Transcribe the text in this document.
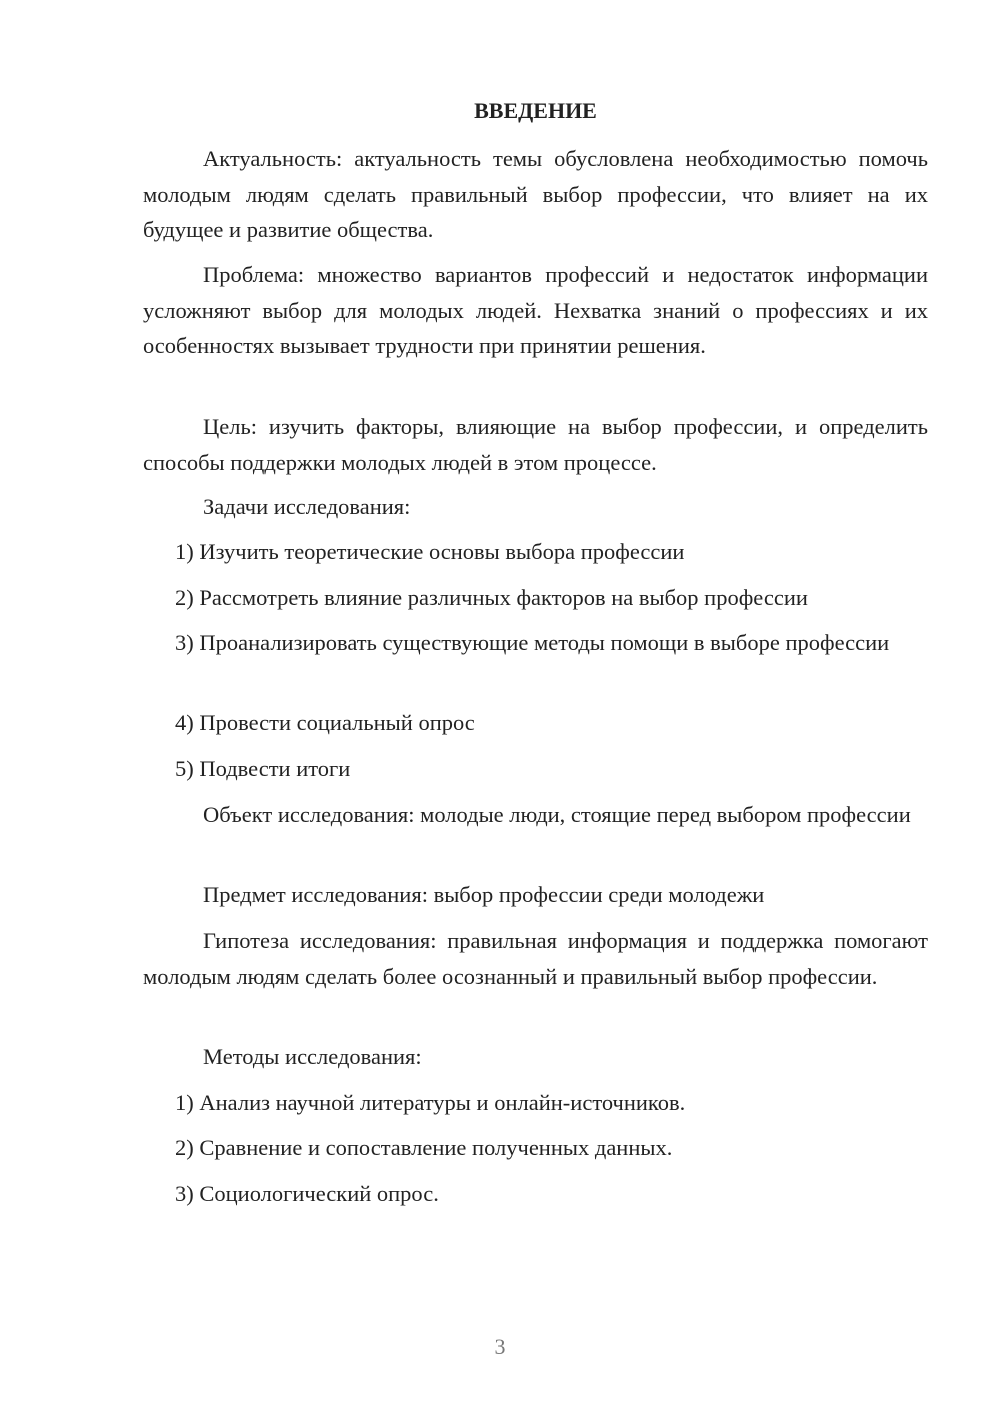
ВВЕДЕНИЕ

Актуальность: актуальность темы обусловлена необходимостью помочь молодым людям сделать правильный выбор профессии, что влияет на их будущее и развитие общества.

Проблема: множество вариантов профессий и недостаток информации усложняют выбор для молодых людей. Нехватка знаний о профессиях и их особенностях вызывает трудности при принятии решения.

Цель: изучить факторы, влияющие на выбор профессии, и определить способы поддержки молодых людей в этом процессе.

Задачи исследования:

1) Изучить теоретические основы выбора профессии

2) Рассмотреть влияние различных факторов на выбор профессии

3) Проанализировать существующие методы помощи в выборе профессии

4) Провести социальный опрос

5) Подвести итоги

Объект исследования: молодые люди, стоящие перед выбором профессии

Предмет исследования: выбор профессии среди молодежи

Гипотеза исследования: правильная информация и поддержка помогают молодым людям сделать более осознанный и правильный выбор профессии.

Методы исследования:

1) Анализ научной литературы и онлайн-источников.

2) Сравнение и сопоставление полученных данных.

3) Социологический опрос.

3
